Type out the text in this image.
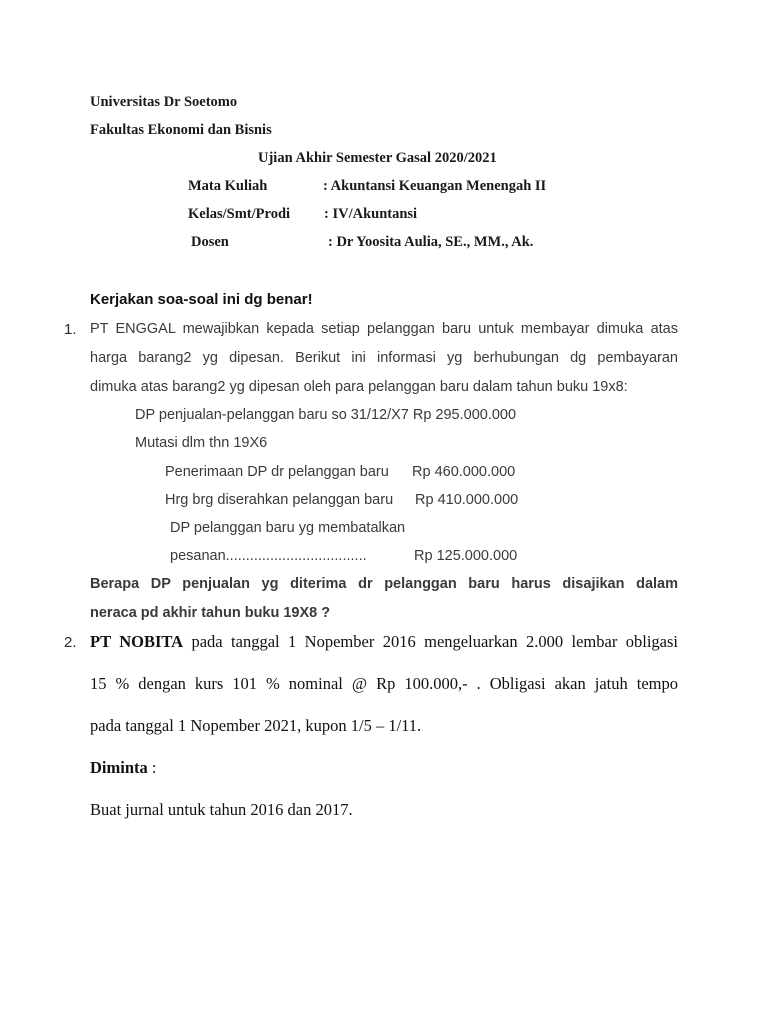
Universitas Dr Soetomo
Fakultas Ekonomi dan Bisnis
Ujian Akhir Semester Gasal 2020/2021
Mata Kuliah	: Akuntansi Keuangan Menengah II
Kelas/Smt/Prodi : IV/Akuntansi
Dosen	: Dr Yoosita Aulia, SE., MM., Ak.
Kerjakan soa-soal ini dg benar!
1. PT ENGGAL mewajibkan kepada setiap pelanggan baru untuk membayar dimuka atas
harga barang2 yg dipesan. Berikut ini informasi yg berhubungan dg pembayaran
dimuka atas barang2 yg dipesan oleh para pelanggan baru dalam tahun buku 19x8:
DP penjualan-pelanggan baru so 31/12/X7 Rp 295.000.000
Mutasi dlm thn 19X6
Penerimaan DP dr pelanggan baru Rp 460.000.000
Hrg brg diserahkan pelanggan baru Rp 410.000.000
DP pelanggan baru yg membatalkan
pesanan...................................	Rp 125.000.000
Berapa DP penjualan yg diterima dr pelanggan baru harus disajikan dalam
neraca pd akhir tahun buku 19X8 ?
2. PT NOBITA pada tanggal 1 Nopember 2016 mengeluarkan 2.000 lembar obligasi
15 % dengan kurs 101 % nominal @ Rp 100.000,- . Obligasi akan jatuh tempo
pada tanggal 1 Nopember 2021, kupon 1/5 – 1/11.
Diminta :
Buat jurnal untuk tahun 2016 dan 2017.
